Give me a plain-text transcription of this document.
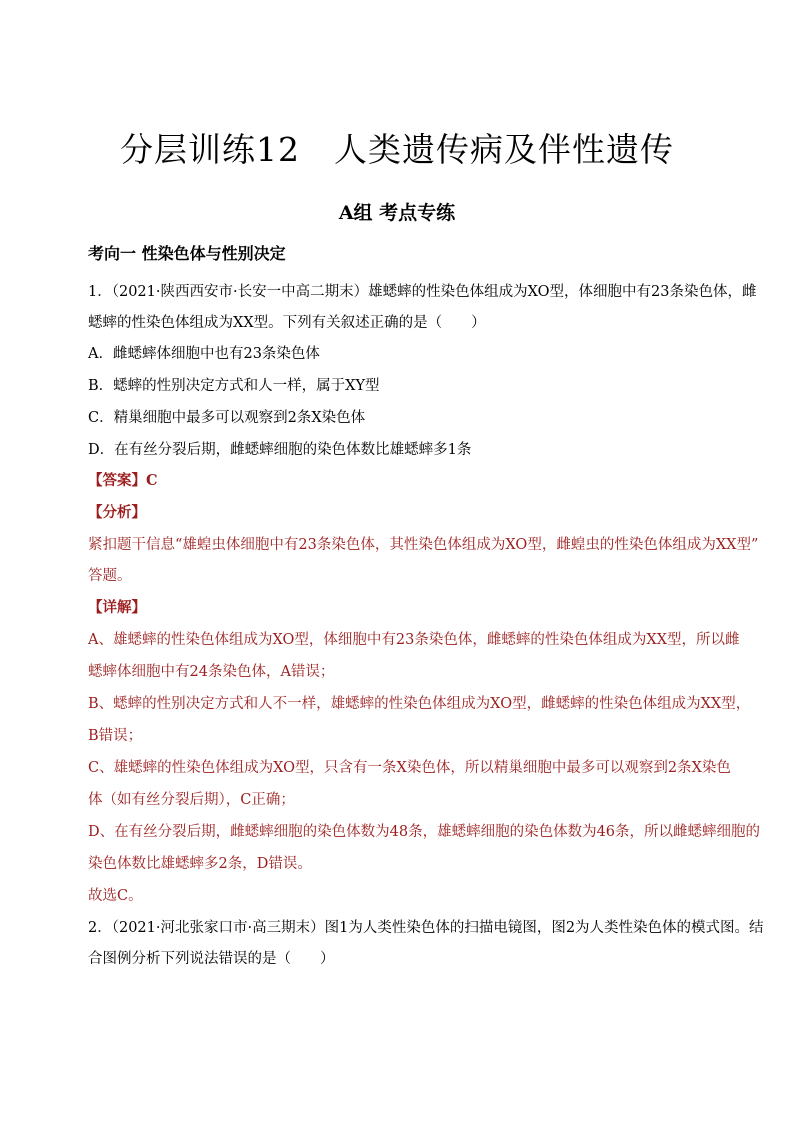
分层训练12　人类遗传病及伴性遗传
A组 考点专练
考向一 性染色体与性别决定
1．（2021·陕西西安市·长安一中高二期末）雄蟋蟀的性染色体组成为XO型，体细胞中有23条染色体，雌
蟋蟀的性染色体组成为XX型。下列有关叙述正确的是（　　）
A．雌蟋蟀体细胞中也有23条染色体
B．蟋蟀的性别决定方式和人一样，属于XY型
C．精巢细胞中最多可以观察到2条X染色体
D．在有丝分裂后期，雌蟋蟀细胞的染色体数比雄蟋蟀多1条
【答案】C
【分析】
紧扣题干信息“雄蝗虫体细胞中有23条染色体，其性染色体组成为XO型，雌蝗虫的性染色体组成为XX型”
答题。
【详解】
A、雄蟋蟀的性染色体组成为XO型，体细胞中有23条染色体，雌蟋蟀的性染色体组成为XX型，所以雌
蟋蟀体细胞中有24条染色体，A错误；
B、蟋蟀的性别决定方式和人不一样，雄蟋蟀的性染色体组成为XO型，雌蟋蟀的性染色体组成为XX型，
B错误；
C、雄蟋蟀的性染色体组成为XO型，只含有一条X染色体，所以精巢细胞中最多可以观察到2条X染色
体（如有丝分裂后期），C正确；
D、在有丝分裂后期，雌蟋蟀细胞的染色体数为48条，雄蟋蟀细胞的染色体数为46条，所以雌蟋蟀细胞的
染色体数比雄蟋蟀多2条，D错误。
故选C。
2．（2021·河北张家口市·高三期末）图1为人类性染色体的扫描电镜图，图2为人类性染色体的模式图。结
合图例分析下列说法错误的是（　　）
